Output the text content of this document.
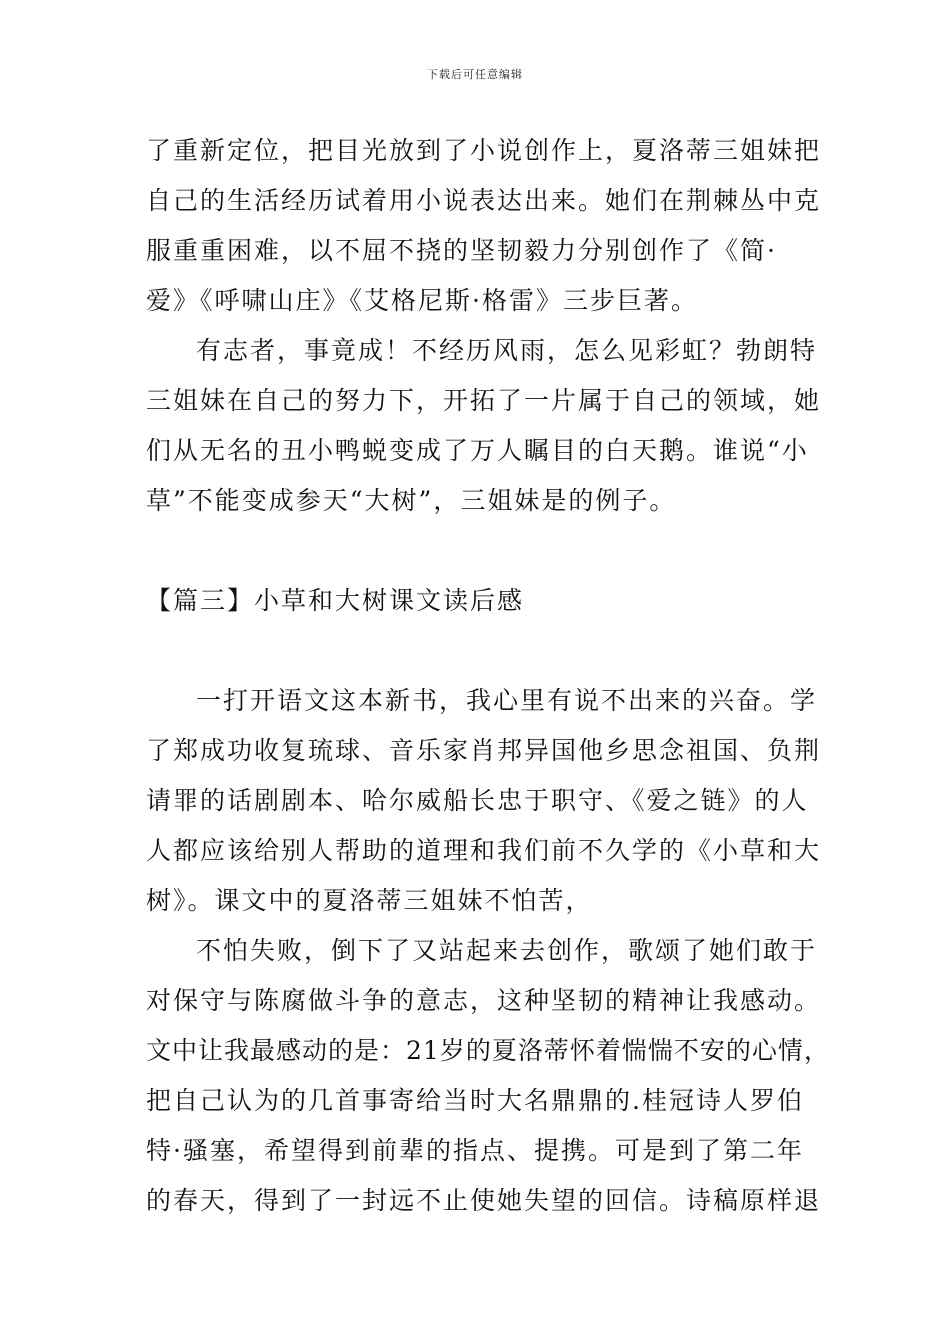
下载后可任意编辑
了重新定位，把目光放到了小说创作上，夏洛蒂三姐妹把
自己的生活经历试着用小说表达出来。她们在荆棘丛中克
服重重困难，以不屈不挠的坚韧毅力分别创作了《简·
爱》《呼啸山庄》《艾格尼斯·格雷》三步巨著。
有志者，事竟成！不经历风雨，怎么见彩虹？勃朗特
三姐妹在自己的努力下，开拓了一片属于自己的领域，她
们从无名的丑小鸭蜕变成了万人瞩目的白天鹅。谁说“小
草”不能变成参天“大树”，三姐妹是的例子。
【篇三】小草和大树课文读后感
一打开语文这本新书，我心里有说不出来的兴奋。学
了郑成功收复琉球、音乐家肖邦异国他乡思念祖国、负荆
请罪的话剧剧本、哈尔威船长忠于职守、《爱之链》的人
人都应该给别人帮助的道理和我们前不久学的《小草和大
树》。课文中的夏洛蒂三姐妹不怕苦，
不怕失败，倒下了又站起来去创作，歌颂了她们敢于
对保守与陈腐做斗争的意志，这种坚韧的精神让我感动。
文中让我最感动的是：21岁的夏洛蒂怀着惴惴不安的心情，
把自己认为的几首事寄给当时大名鼎鼎的.桂冠诗人罗伯
特·骚塞，希望得到前辈的指点、提携。可是到了第二年
的春天，得到了一封远不止使她失望的回信。诗稿原样退
